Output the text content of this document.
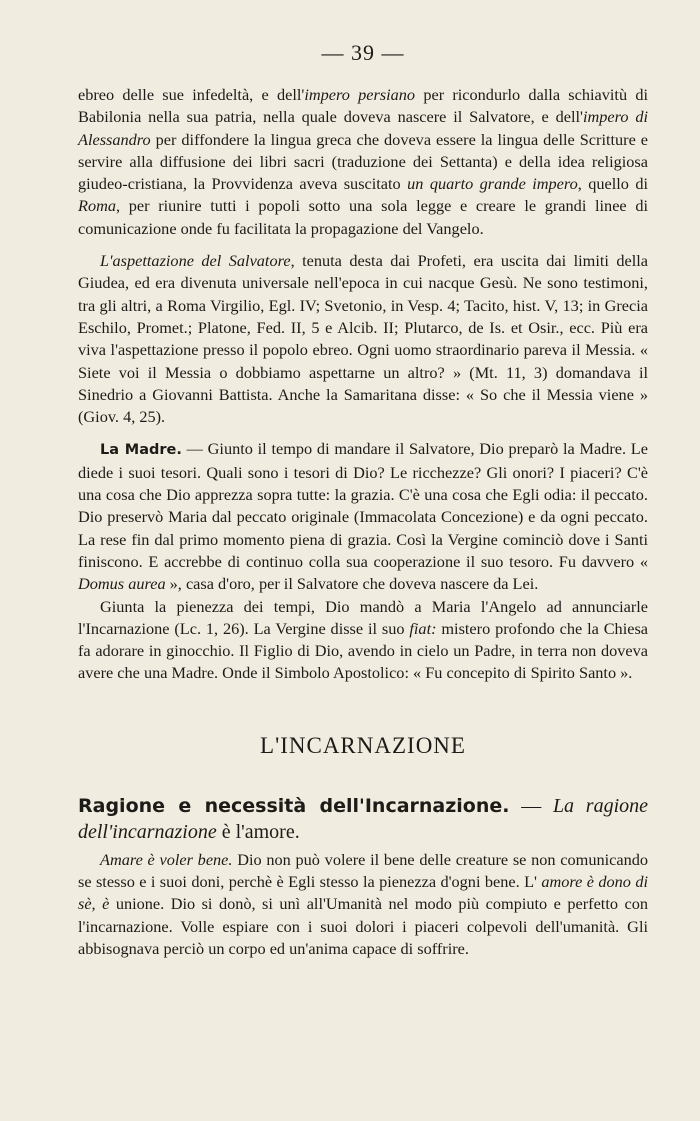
— 39 —

ebreo delle sue infedeltà, e dell'impero persiano per ricondurlo dalla schiavitù di Babilonia nella sua patria, nella quale doveva nascere il Salvatore, e dell'impero di Alessandro per diffondere la lingua greca che doveva essere la lingua delle Scritture e servire alla diffusione dei libri sacri (traduzione dei Settanta) e della idea religiosa giudeo-cristiana, la Provvidenza aveva suscitato un quarto grande impero, quello di Roma, per riunire tutti i popoli sotto una sola legge e creare le grandi linee di comunicazione onde fu facilitata la propagazione del Vangelo.

L'aspettazione del Salvatore, tenuta desta dai Profeti, era uscita dai limiti della Giudea, ed era divenuta universale nell'epoca in cui nacque Gesù. Ne sono testimoni, tra gli altri, a Roma Virgilio, Egl. IV; Svetonio, in Vesp. 4; Tacito, hist. V, 13; in Grecia Eschilo, Promet.; Platone, Fed. II, 5 e Alcib. II; Plutarco, de Is. et Osir., ecc. Più era viva l'aspettazione presso il popolo ebreo. Ogni uomo straordinario pareva il Messia. « Siete voi il Messia o dobbiamo aspettarne un altro? » (Mt. 11, 3) domandava il Sinedrio a Giovanni Battista. Anche la Samaritana disse: « So che il Messia viene » (Giov. 4, 25).

La Madre. — Giunto il tempo di mandare il Salvatore, Dio preparò la Madre. Le diede i suoi tesori. Quali sono i tesori di Dio? Le ricchezze? Gli onori? I piaceri? C'è una cosa che Dio apprezza sopra tutte: la grazia. C'è una cosa che Egli odia: il peccato. Dio preservò Maria dal peccato originale (Immacolata Concezione) e da ogni peccato. La rese fin dal primo momento piena di grazia. Così la Vergine cominciò dove i Santi finiscono. E accrebbe di continuo colla sua cooperazione il suo tesoro. Fu davvero « Domus aurea », casa d'oro, per il Salvatore che doveva nascere da Lei.

Giunta la pienezza dei tempi, Dio mandò a Maria l'Angelo ad annunciarle l'Incarnazione (Lc. 1, 26). La Vergine disse il suo fiat: mistero profondo che la Chiesa fa adorare in ginocchio. Il Figlio di Dio, avendo in cielo un Padre, in terra non doveva avere che una Madre. Onde il Simbolo Apostolico: « Fu concepito di Spirito Santo ».

L'INCARNAZIONE

Ragione e necessità dell'Incarnazione. — La ragione dell'incarnazione è l'amore.

Amare è voler bene. Dio non può volere il bene delle creature se non comunicando se stesso e i suoi doni, perchè è Egli stesso la pienezza d'ogni bene. L' amore è dono di sè, è unione. Dio si donò, si unì all'Umanità nel modo più compiuto e perfetto con l'incarnazione. Volle espiare con i suoi dolori i piaceri colpevoli dell'umanità. Gli abbisognava perciò un corpo ed un'anima capace di soffrire.
